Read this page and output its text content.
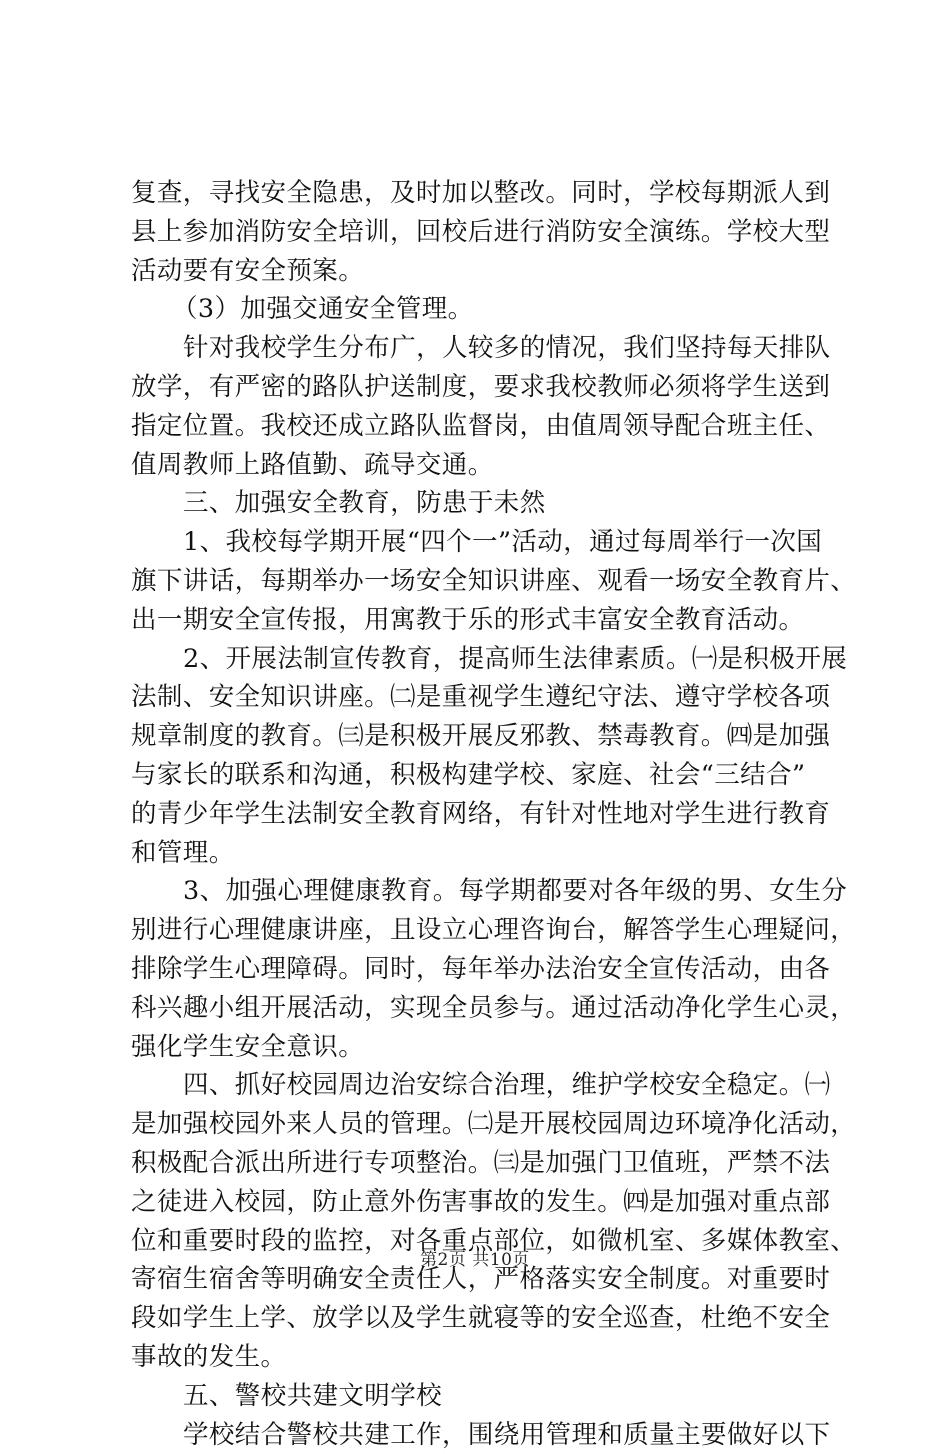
复查，寻找安全隐患，及时加以整改。同时，学校每期派人到
县上参加消防安全培训，回校后进行消防安全演练。学校大型
活动要有安全预案。
（3）加强交通安全管理。
针对我校学生分布广，人较多的情况，我们坚持每天排队
放学，有严密的路队护送制度，要求我校教师必须将学生送到
指定位置。我校还成立路队监督岗，由值周领导配合班主任、
值周教师上路值勤、疏导交通。
三、加强安全教育，防患于未然
1、我校每学期开展“四个一”活动，通过每周举行一次国
旗下讲话，每期举办一场安全知识讲座、观看一场安全教育片、
出一期安全宣传报，用寓教于乐的形式丰富安全教育活动。
2、开展法制宣传教育，提高师生法律素质。㈠是积极开展
法制、安全知识讲座。㈡是重视学生遵纪守法、遵守学校各项
规章制度的教育。㈢是积极开展反邪教、禁毒教育。㈣是加强
与家长的联系和沟通，积极构建学校、家庭、社会“三结合”
的青少年学生法制安全教育网络，有针对性地对学生进行教育
和管理。
3、加强心理健康教育。每学期都要对各年级的男、女生分
别进行心理健康讲座，且设立心理咨询台，解答学生心理疑问，
排除学生心理障碍。同时，每年举办法治安全宣传活动，由各
科兴趣小组开展活动，实现全员参与。通过活动净化学生心灵，
强化学生安全意识。
四、抓好校园周边治安综合治理，维护学校安全稳定。㈠
是加强校园外来人员的管理。㈡是开展校园周边环境净化活动，
积极配合派出所进行专项整治。㈢是加强门卫值班，严禁不法
之徒进入校园，防止意外伤害事故的发生。㈣是加强对重点部
位和重要时段的监控，对各重点部位，如微机室、多媒体教室、
寄宿生宿舍等明确安全责任人，严格落实安全制度。对重要时
段如学生上学、放学以及学生就寝等的安全巡查，杜绝不安全
事故的发生。
五、警校共建文明学校
学校结合警校共建工作，围绕用管理和质量主要做好以下
第2页 共10页
